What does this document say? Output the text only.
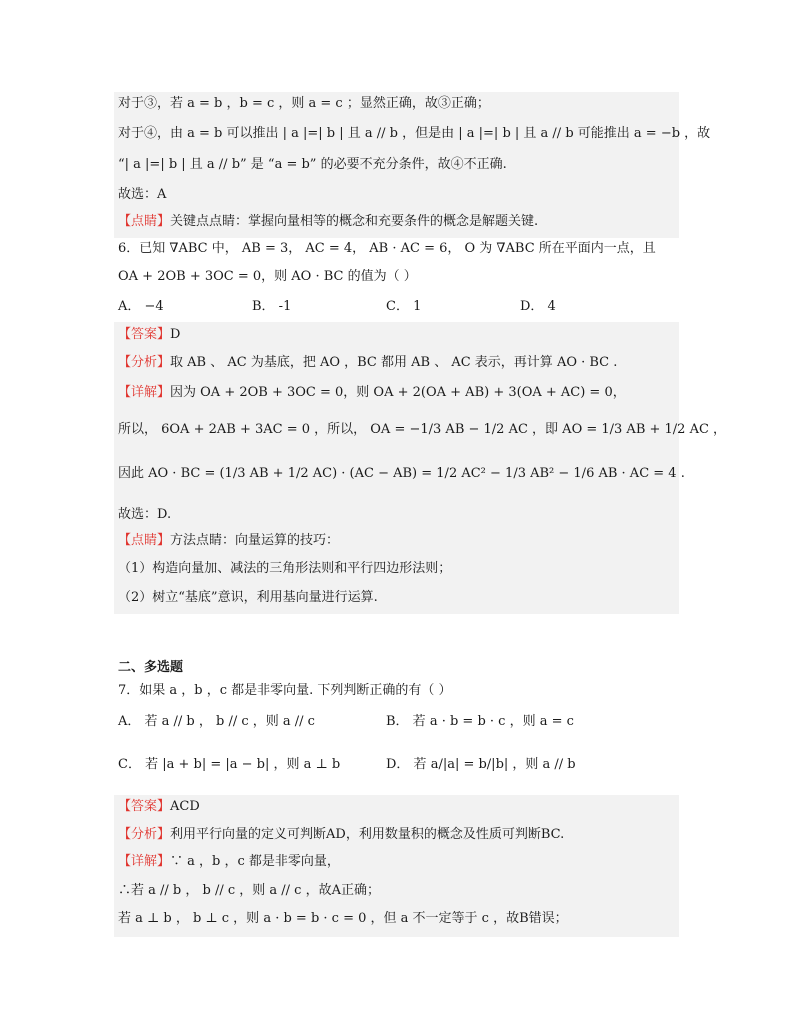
对于③，若 a = b ，b = c ，则 a = c ；显然正确，故③正确；
对于④，由 a = b 可以推出 | a |=| b | 且 a // b ，但是由 | a |=| b | 且 a // b 可能推出 a = −b ，故
“| a |=| b | 且 a // b” 是 “a = b” 的必要不充分条件，故④不正确.
故选：A
【点睛】关键点点睛：掌握向量相等的概念和充要条件的概念是解题关键.
6．已知 ∇ABC 中， AB = 3， AC = 4， AB · AC = 6， O 为 ∇ABC 所在平面内一点，且
OA + 2OB + 3OC = 0，则 AO · BC 的值为（ ）
A． −4	B． -1	C． 1	D． 4
【答案】D
【分析】取 AB 、 AC 为基底，把 AO ，BC 都用 AB 、 AC 表示，再计算 AO · BC .
【详解】因为 OA + 2OB + 3OC = 0，则 OA + 2(OA + AB) + 3(OA + AC) = 0，
所以， 6OA + 2AB + 3AC = 0 ，所以， OA = −1/3 AB − 1/2 AC ，即 AO = 1/3 AB + 1/2 AC ，
因此 AO · BC = (1/3 AB + 1/2 AC) · (AC − AB) = 1/2 AC² − 1/3 AB² − 1/6 AB · AC = 4 .
故选：D.
【点睛】方法点睛：向量运算的技巧：
（1）构造向量加、减法的三角形法则和平行四边形法则；
（2）树立“基底”意识，利用基向量进行运算.
二、多选题
7．如果 a ，b ，c 都是非零向量. 下列判断正确的有（ ）
A． 若 a // b ， b // c ，则 a // c	B． 若 a · b = b · c ，则 a = c
C． 若 |a + b| = |a − b| ，则 a ⊥ b	D． 若 a/|a| = b/|b| ，则 a // b
【答案】ACD
【分析】利用平行向量的定义可判断AD，利用数量积的概念及性质可判断BC.
【详解】∵ a ，b ，c 都是非零向量，
∴若 a // b ， b // c ，则 a // c ，故A正确；
若 a ⊥ b ， b ⊥ c ，则 a · b = b · c = 0 ，但 a 不一定等于 c ，故B错误；
